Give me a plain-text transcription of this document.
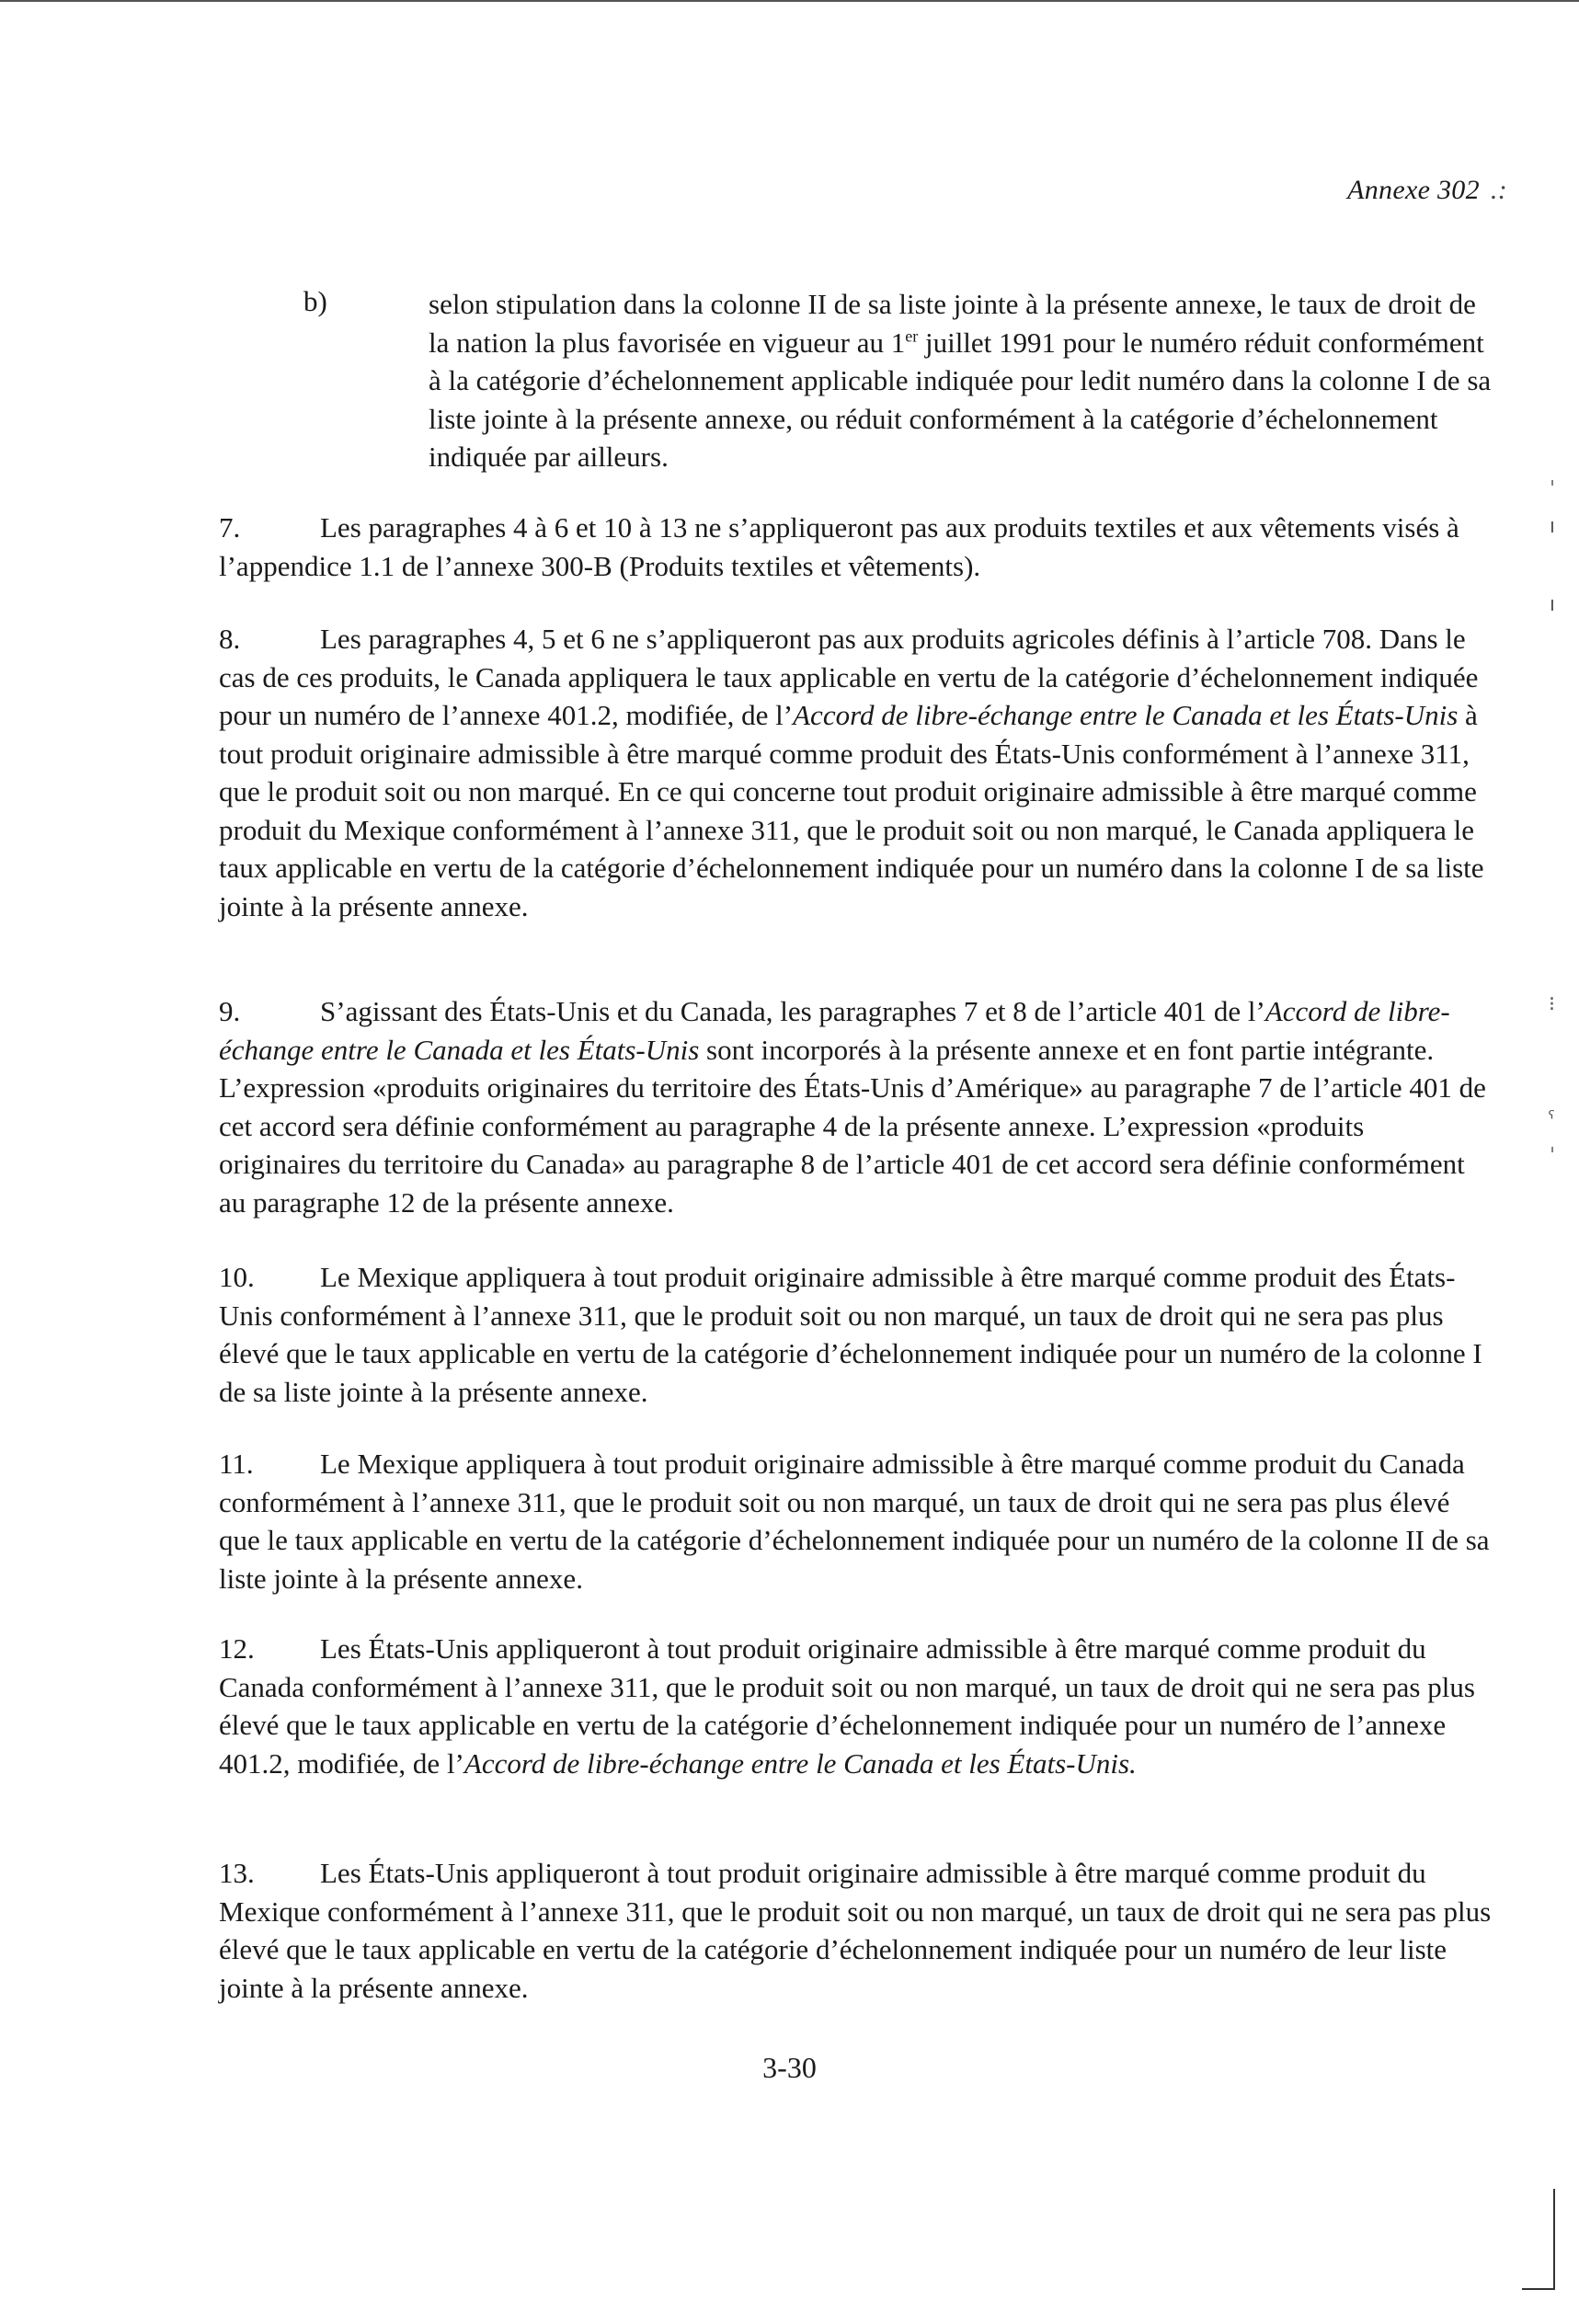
Annexe 302 .:
b)	selon stipulation dans la colonne II de sa liste jointe à la présente annexe, le taux de droit de la nation la plus favorisée en vigueur au 1er juillet 1991 pour le numéro réduit conformément à la catégorie d’échelonnement applicable indiquée pour ledit numéro dans la colonne I de sa liste jointe à la présente annexe, ou réduit conformément à la catégorie d’échelonnement indiquée par ailleurs.

7.	Les paragraphes 4 à 6 et 10 à 13 ne s’appliqueront pas aux produits textiles et aux vêtements visés à l’appendice 1.1 de l’annexe 300-B (Produits textiles et vêtements).

8.	Les paragraphes 4, 5 et 6 ne s’appliqueront pas aux produits agricoles définis à l’article 708. Dans le cas de ces produits, le Canada appliquera le taux applicable en vertu de la catégorie d’échelonnement indiquée pour un numéro de l’annexe 401.2, modifiée, de l’Accord de libre-échange entre le Canada et les États-Unis à tout produit originaire admissible à être marqué comme produit des États-Unis conformément à l’annexe 311, que le produit soit ou non marqué. En ce qui concerne tout produit originaire admissible à être marqué comme produit du Mexique conformément à l’annexe 311, que le produit soit ou non marqué, le Canada appliquera le taux applicable en vertu de la catégorie d’échelonnement indiquée pour un numéro dans la colonne I de sa liste jointe à la présente annexe.

9.	S’agissant des États-Unis et du Canada, les paragraphes 7 et 8 de l’article 401 de l’Accord de libre-échange entre le Canada et les États-Unis sont incorporés à la présente annexe et en font partie intégrante. L’expression «produits originaires du territoire des États-Unis d’Amérique» au paragraphe 7 de l’article 401 de cet accord sera définie conformément au paragraphe 4 de la présente annexe. L’expression «produits originaires du territoire du Canada» au paragraphe 8 de l’article 401 de cet accord sera définie conformément au paragraphe 12 de la présente annexe.

10. Le Mexique appliquera à tout produit originaire admissible à être marqué comme produit des États-Unis conformément à l’annexe 311, que le produit soit ou non marqué, un taux de droit qui ne sera pas plus élevé que le taux applicable en vertu de la catégorie d’échelonnement indiquée pour un numéro de la colonne I de sa liste jointe à la présente annexe.

11. Le Mexique appliquera à tout produit originaire admissible à être marqué comme produit du Canada conformément à l’annexe 311, que le produit soit ou non marqué, un taux de droit qui ne sera pas plus élevé que le taux applicable en vertu de la catégorie d’échelonnement indiquée pour un numéro de la colonne II de sa liste jointe à la présente annexe.

12. Les États-Unis appliqueront à tout produit originaire admissible à être marqué comme produit du Canada conformément à l’annexe 311, que le produit soit ou non marqué, un taux de droit qui ne sera pas plus élevé que le taux applicable en vertu de la catégorie d’échelonnement indiquée pour un numéro de l’annexe 401.2, modifiée, de l’Accord de libre-échange entre le Canada et les États-Unis.

13. Les États-Unis appliqueront à tout produit originaire admissible à être marqué comme produit du Mexique conformément à l’annexe 311, que le produit soit ou non marqué, un taux de droit qui ne sera pas plus élevé que le taux applicable en vertu de la catégorie d’échelonnement indiquée pour un numéro de leur liste jointe à la présente annexe.

3-30
ˈ
ı
ı
⁝
ˁ
ˈ
